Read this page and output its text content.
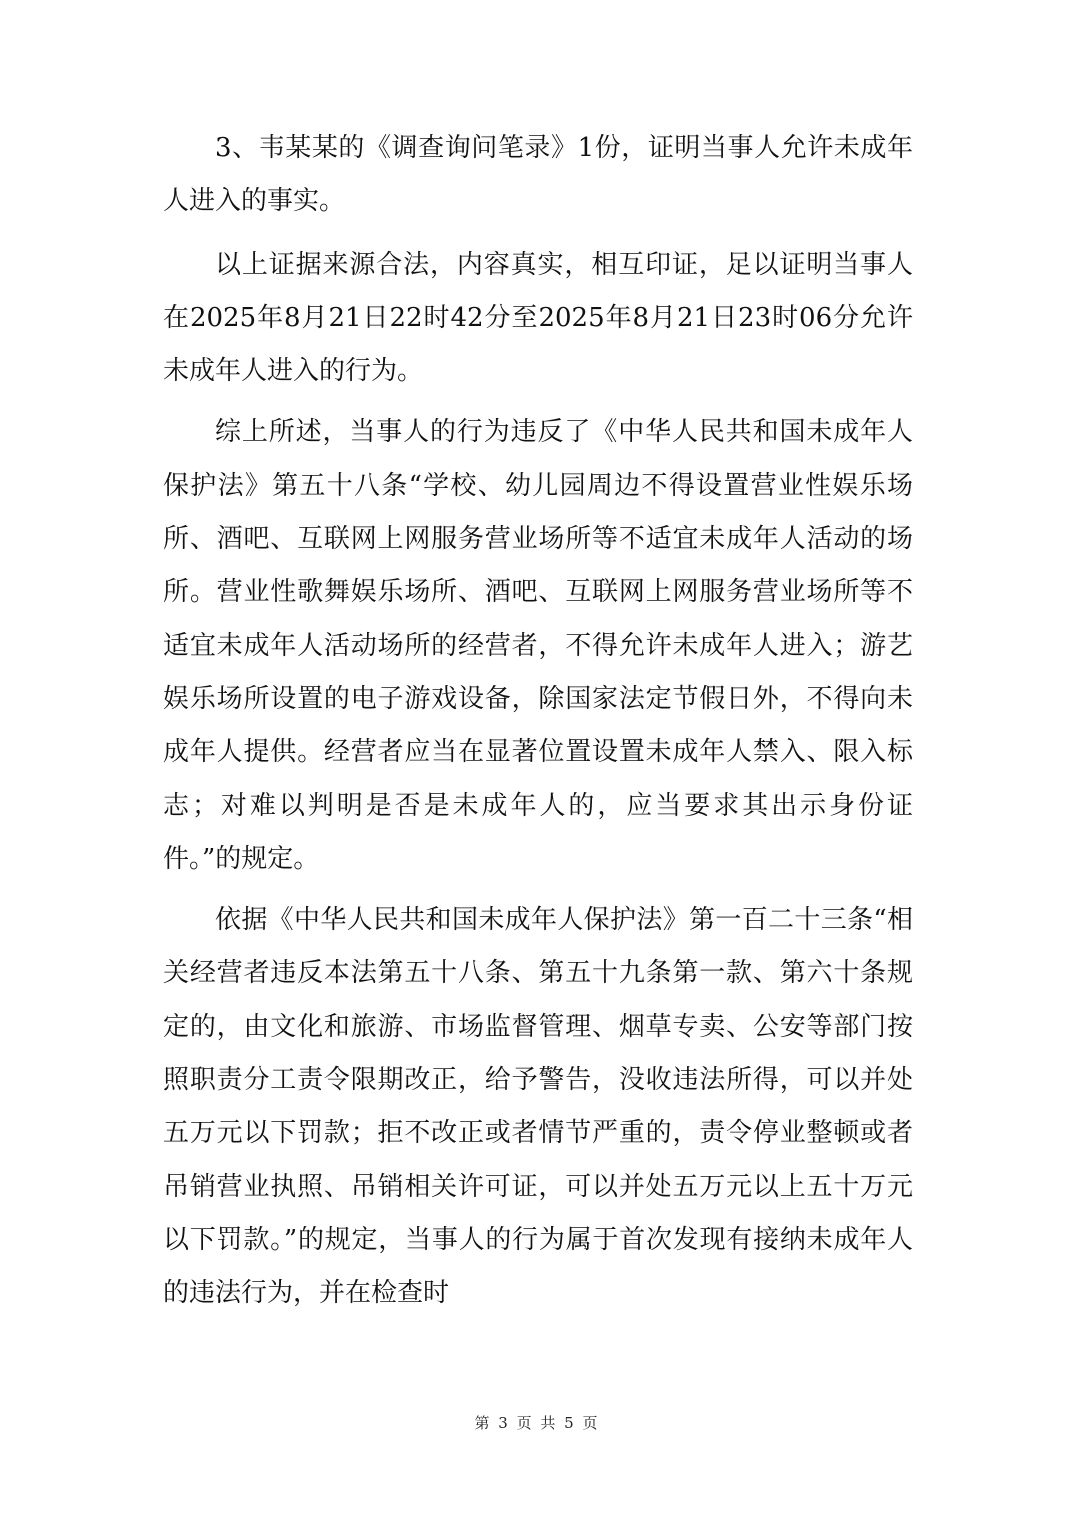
3、韦某某的《调查询问笔录》1份，证明当事人允许未成年人进入的事实。

以上证据来源合法，内容真实，相互印证，足以证明当事人在2025年8月21日22时42分至2025年8月21日23时06分允许未成年人进入的行为。

综上所述，当事人的行为违反了《中华人民共和国未成年人保护法》第五十八条“学校、幼儿园周边不得设置营业性娱乐场所、酒吧、互联网上网服务营业场所等不适宜未成年人活动的场所。营业性歌舞娱乐场所、酒吧、互联网上网服务营业场所等不适宜未成年人活动场所的经营者，不得允许未成年人进入；游艺娱乐场所设置的电子游戏设备，除国家法定节假日外，不得向未成年人提供。经营者应当在显著位置设置未成年人禁入、限入标志；对难以判明是否是未成年人的，应当要求其出示身份证件。”的规定。

依据《中华人民共和国未成年人保护法》第一百二十三条“相关经营者违反本法第五十八条、第五十九条第一款、第六十条规定的，由文化和旅游、市场监督管理、烟草专卖、公安等部门按照职责分工责令限期改正，给予警告，没收违法所得，可以并处五万元以下罚款；拒不改正或者情节严重的，责令停业整顿或者吊销营业执照、吊销相关许可证，可以并处五万元以上五十万元以下罚款。”的规定，当事人的行为属于首次发现有接纳未成年人的违法行为，并在检查时

第 3 页 共 5 页
